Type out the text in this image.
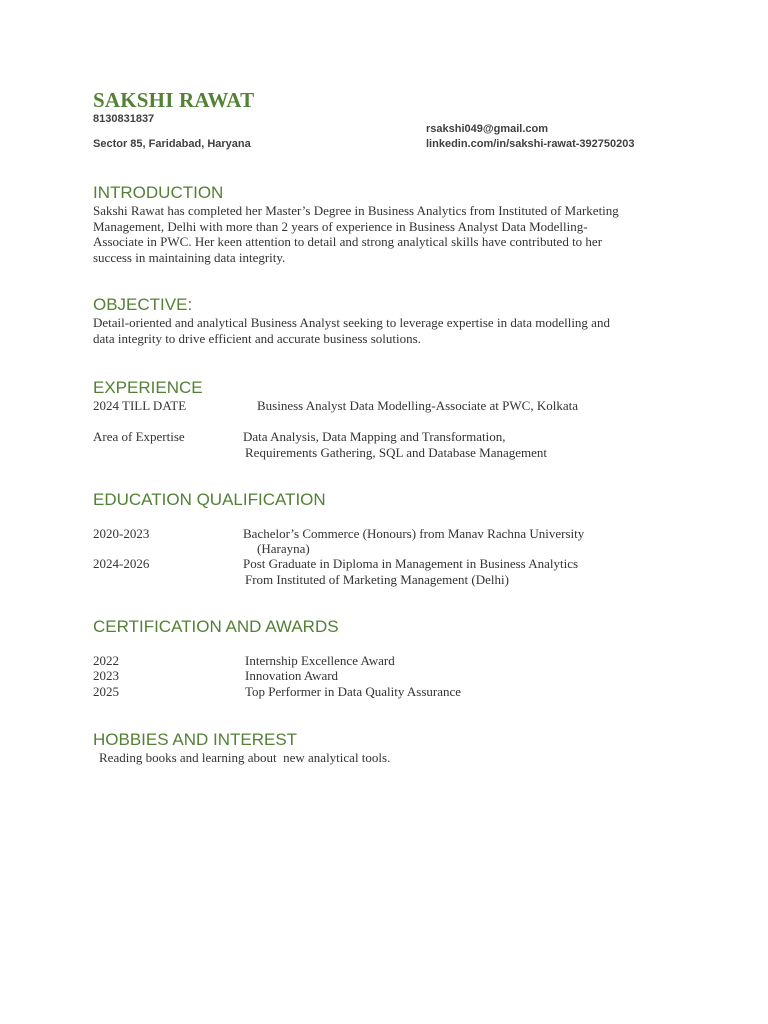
SAKSHI RAWAT
8130831837
rsakshi049@gmail.com
Sector 85, Faridabad, Haryana	linkedin.com/in/sakshi-rawat-392750203
INTRODUCTION
Sakshi Rawat has completed her Master’s Degree in Business Analytics from Instituted of Marketing
Management, Delhi with more than 2 years of experience in Business Analyst Data Modelling-
Associate in PWC. Her keen attention to detail and strong analytical skills have contributed to her
success in maintaining data integrity.
OBJECTIVE:
Detail-oriented and analytical Business Analyst seeking to leverage expertise in data modelling and
data integrity to drive efficient and accurate business solutions.
EXPERIENCE
2024 TILL DATE	Business Analyst Data Modelling-Associate at PWC, Kolkata
Area of Expertise	Data Analysis, Data Mapping and Transformation,
Requirements Gathering, SQL and Database Management
EDUCATION QUALIFICATION
2020-2023	Bachelor’s Commerce (Honours) from Manav Rachna University
(Harayna)
2024-2026	Post Graduate in Diploma in Management in Business Analytics
From Instituted of Marketing Management (Delhi)
CERTIFICATION AND AWARDS
2022	Internship Excellence Award
2023	Innovation Award
2025	Top Performer in Data Quality Assurance
HOBBIES AND INTEREST
Reading books and learning about  new analytical tools.
